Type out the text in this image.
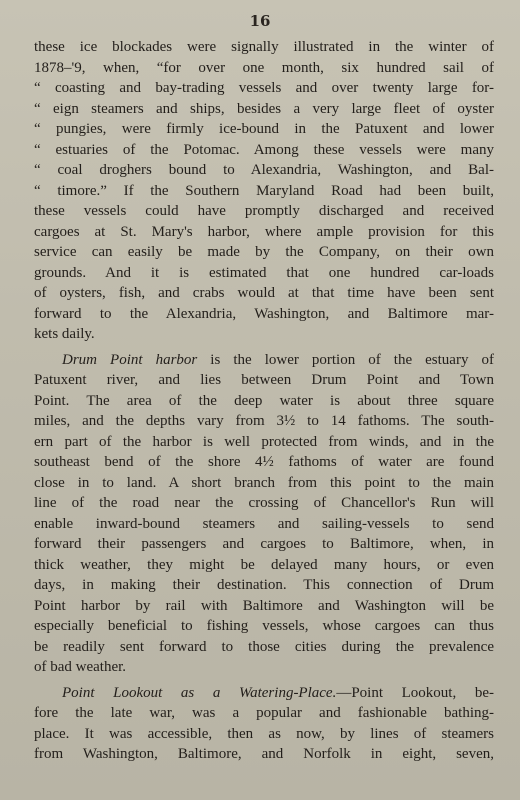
16
these ice blockades were signally illustrated in the winter of
1878–'9, when, “for over one month, six hundred sail of
“ coasting and bay-trading vessels and over twenty large for-
“ eign steamers and ships, besides a very large fleet of oyster
“ pungies, were firmly ice-bound in the Patuxent and lower
“ estuaries of the Potomac. Among these vessels were many
“ coal droghers bound to Alexandria, Washington, and Bal-
“ timore.” If the Southern Maryland Road had been built,
these vessels could have promptly discharged and received
cargoes at St. Mary's harbor, where ample provision for this
service can easily be made by the Company, on their own
grounds. And it is estimated that one hundred car-loads
of oysters, fish, and crabs would at that time have been sent
forward to the Alexandria, Washington, and Baltimore mar-
kets daily.
Drum Point harbor is the lower portion of the estuary of
Patuxent river, and lies between Drum Point and Town
Point. The area of the deep water is about three square
miles, and the depths vary from 3½ to 14 fathoms. The south-
ern part of the harbor is well protected from winds, and in the
southeast bend of the shore 4½ fathoms of water are found
close in to land. A short branch from this point to the main
line of the road near the crossing of Chancellor's Run will
enable inward-bound steamers and sailing-vessels to send
forward their passengers and cargoes to Baltimore, when, in
thick weather, they might be delayed many hours, or even
days, in making their destination. This connection of Drum
Point harbor by rail with Baltimore and Washington will be
especially beneficial to fishing vessels, whose cargoes can thus
be readily sent forward to those cities during the prevalence
of bad weather.
Point Lookout as a Watering-Place.—Point Lookout, be-
fore the late war, was a popular and fashionable bathing-
place. It was accessible, then as now, by lines of steamers
from Washington, Baltimore, and Norfolk in eight, seven,
